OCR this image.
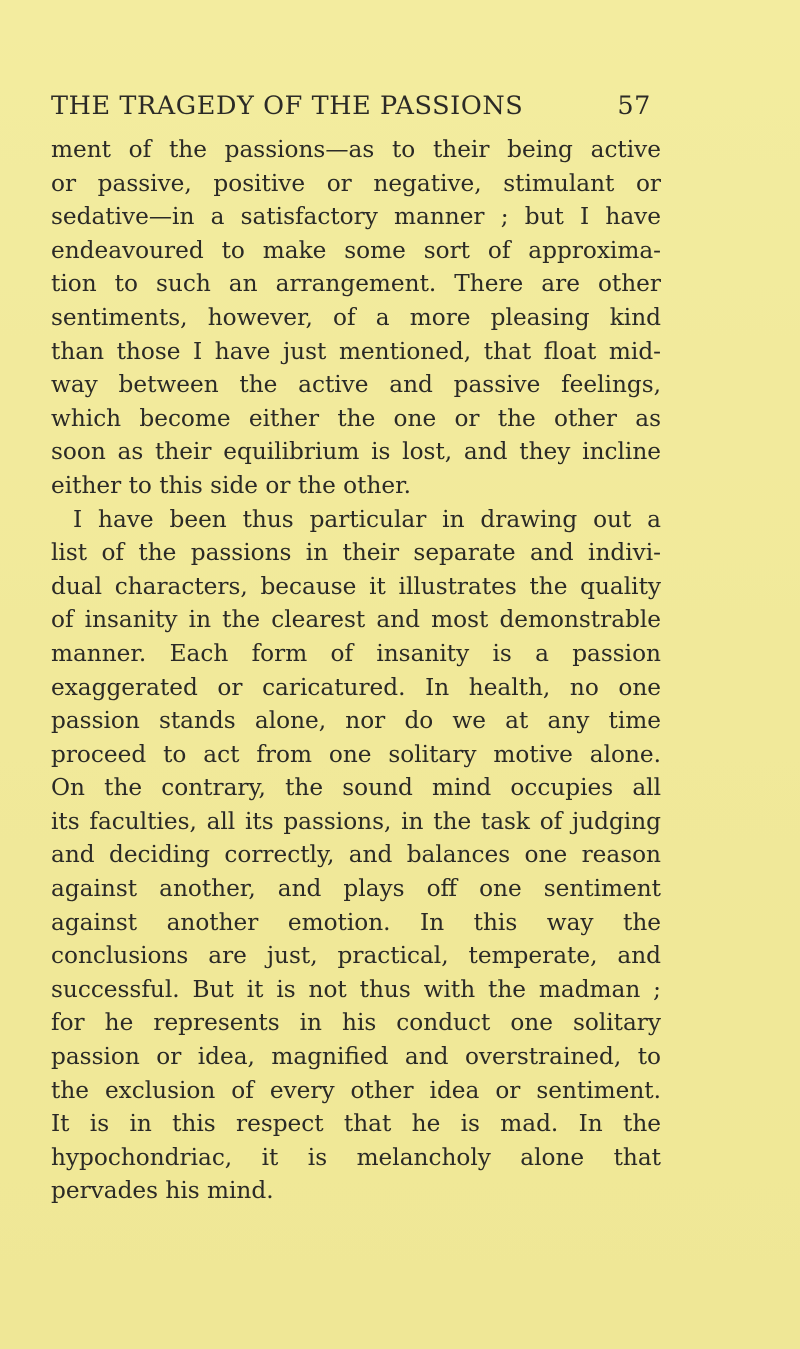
THE TRAGEDY OF THE PASSIONS	57
ment of the passions—as to their being active
or passive, positive or negative, stimulant or
sedative—in a satisfactory manner ; but I have
endeavoured to make some sort of approxima-
tion to such an arrangement. There are other
sentiments, however, of a more pleasing kind
than those I have just mentioned, that float mid-
way between the active and passive feelings,
which become either the one or the other as
soon as their equilibrium is lost, and they incline
either to this side or the other.
I have been thus particular in drawing out a
list of the passions in their separate and indivi-
dual characters, because it illustrates the quality
of insanity in the clearest and most demonstrable
manner. Each form of insanity is a passion
exaggerated or caricatured. In health, no one
passion stands alone, nor do we at any time
proceed to act from one solitary motive alone.
On the contrary, the sound mind occupies all
its faculties, all its passions, in the task of judging
and deciding correctly, and balances one reason
against another, and plays off one sentiment
against another emotion. In this way the
conclusions are just, practical, temperate, and
successful. But it is not thus with the madman ;
for he represents in his conduct one solitary
passion or idea, magnified and overstrained, to
the exclusion of every other idea or sentiment.
It is in this respect that he is mad. In the
hypochondriac, it is melancholy alone that
pervades his mind.
